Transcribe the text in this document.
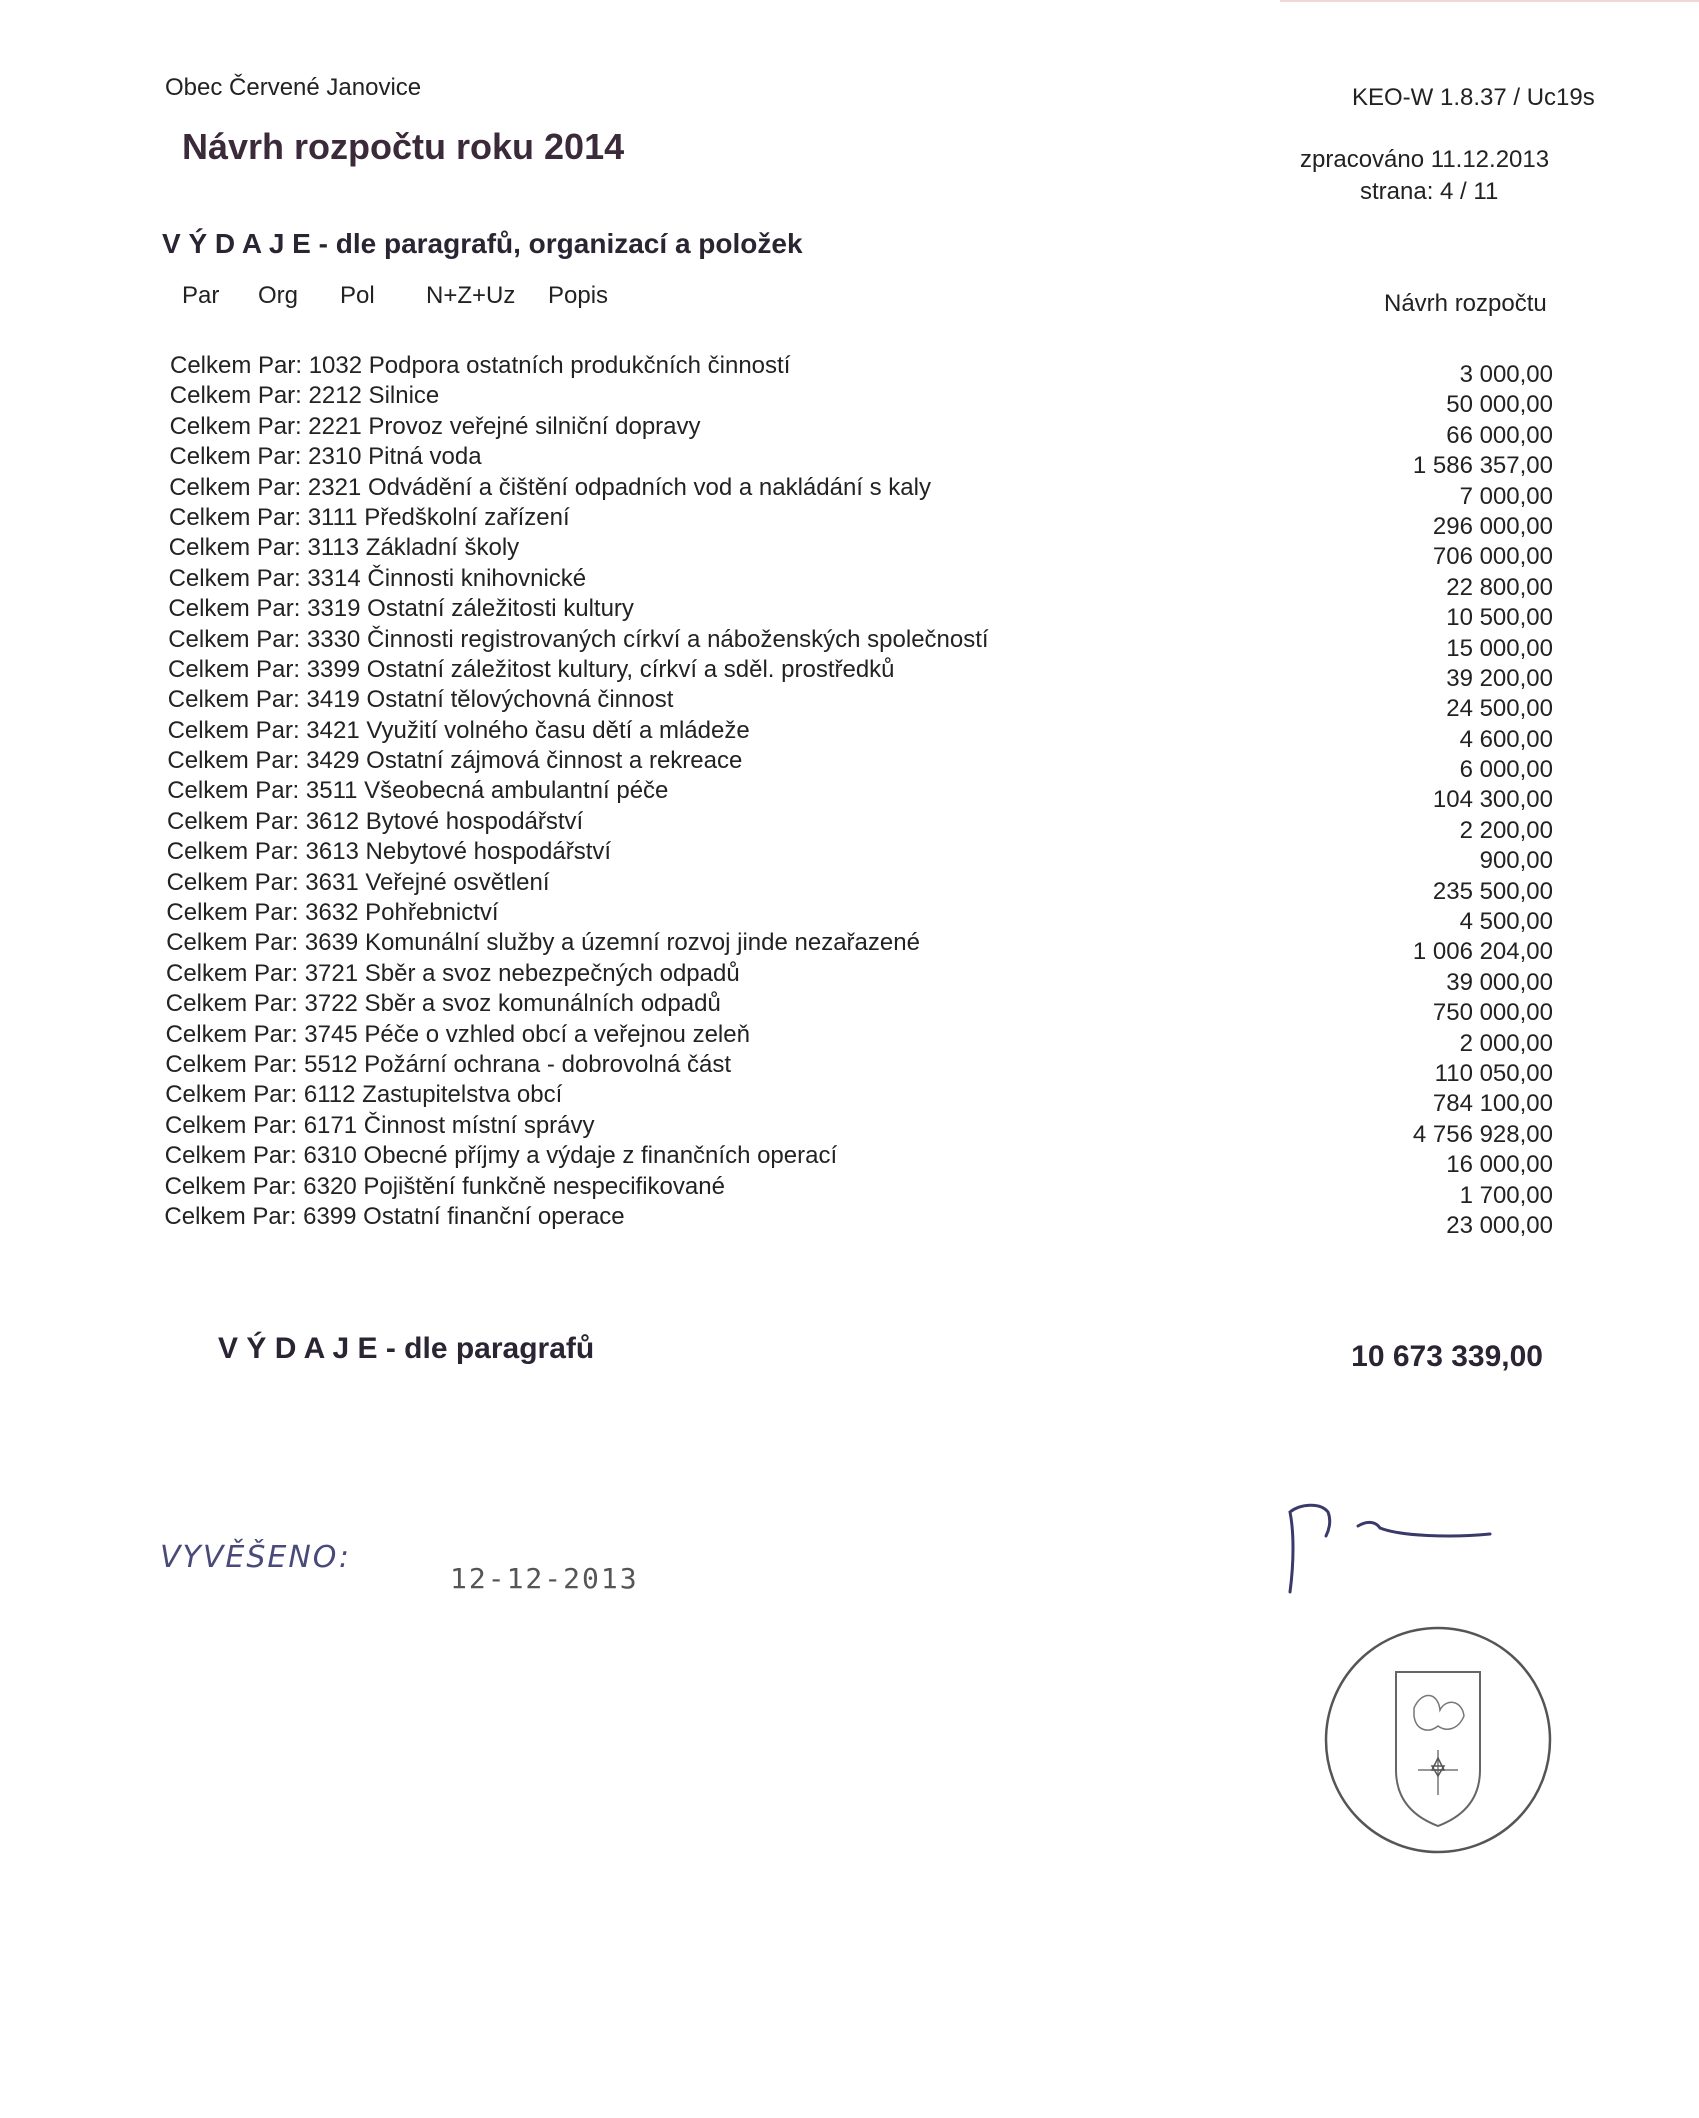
Obec Červené Janovice	KEO-W 1.8.37 / Uc19s
Návrh rozpočtu roku 2014	zpracováno 11.12.2013
strana: 4 / 11
V Ý D A J E - dle paragrafů, organizací a položek
Par Org Pol N+Z+Uz Popis	Návrh rozpočtu
Celkem Par: 1032 Podpora ostatních produkčních činností	3 000,00
Celkem Par: 2212 Silnice	50 000,00
Celkem Par: 2221 Provoz veřejné silniční dopravy	66 000,00
Celkem Par: 2310 Pitná voda	1 586 357,00
Celkem Par: 2321 Odvádění a čištění odpadních vod a nakládání s kaly	7 000,00
Celkem Par: 3111 Předškolní zařízení	296 000,00
Celkem Par: 3113 Základní školy	706 000,00
Celkem Par: 3314 Činnosti knihovnické	22 800,00
Celkem Par: 3319 Ostatní záležitosti kultury	10 500,00
Celkem Par: 3330 Činnosti registrovaných církví a náboženských společností	15 000,00
Celkem Par: 3399 Ostatní záležitost kultury, církví a sděl. prostředků	39 200,00
Celkem Par: 3419 Ostatní tělovýchovná činnost	24 500,00
Celkem Par: 3421 Využití volného času dětí a mládeže	4 600,00
Celkem Par: 3429 Ostatní zájmová činnost a rekreace	6 000,00
Celkem Par: 3511 Všeobecná ambulantní péče	104 300,00
Celkem Par: 3612 Bytové hospodářství	2 200,00
Celkem Par: 3613 Nebytové hospodářství	900,00
Celkem Par: 3631 Veřejné osvětlení	235 500,00
Celkem Par: 3632 Pohřebnictví	4 500,00
Celkem Par: 3639 Komunální služby a územní rozvoj jinde nezařazené	1 006 204,00
Celkem Par: 3721 Sběr a svoz nebezpečných odpadů	39 000,00
Celkem Par: 3722 Sběr a svoz komunálních odpadů	750 000,00
Celkem Par: 3745 Péče o vzhled obcí a veřejnou zeleň	2 000,00
Celkem Par: 5512 Požární ochrana - dobrovolná část	110 050,00
Celkem Par: 6112 Zastupitelstva obcí	784 100,00
Celkem Par: 6171 Činnost místní správy	4 756 928,00
Celkem Par: 6310 Obecné příjmy a výdaje z finančních operací	16 000,00
Celkem Par: 6320 Pojištění funkčně nespecifikované	1 700,00
Celkem Par: 6399 Ostatní finanční operace	23 000,00
V Ý D A J E - dle paragrafů	10 673 339,00
VYVĚŠENO:
12-12-2013
